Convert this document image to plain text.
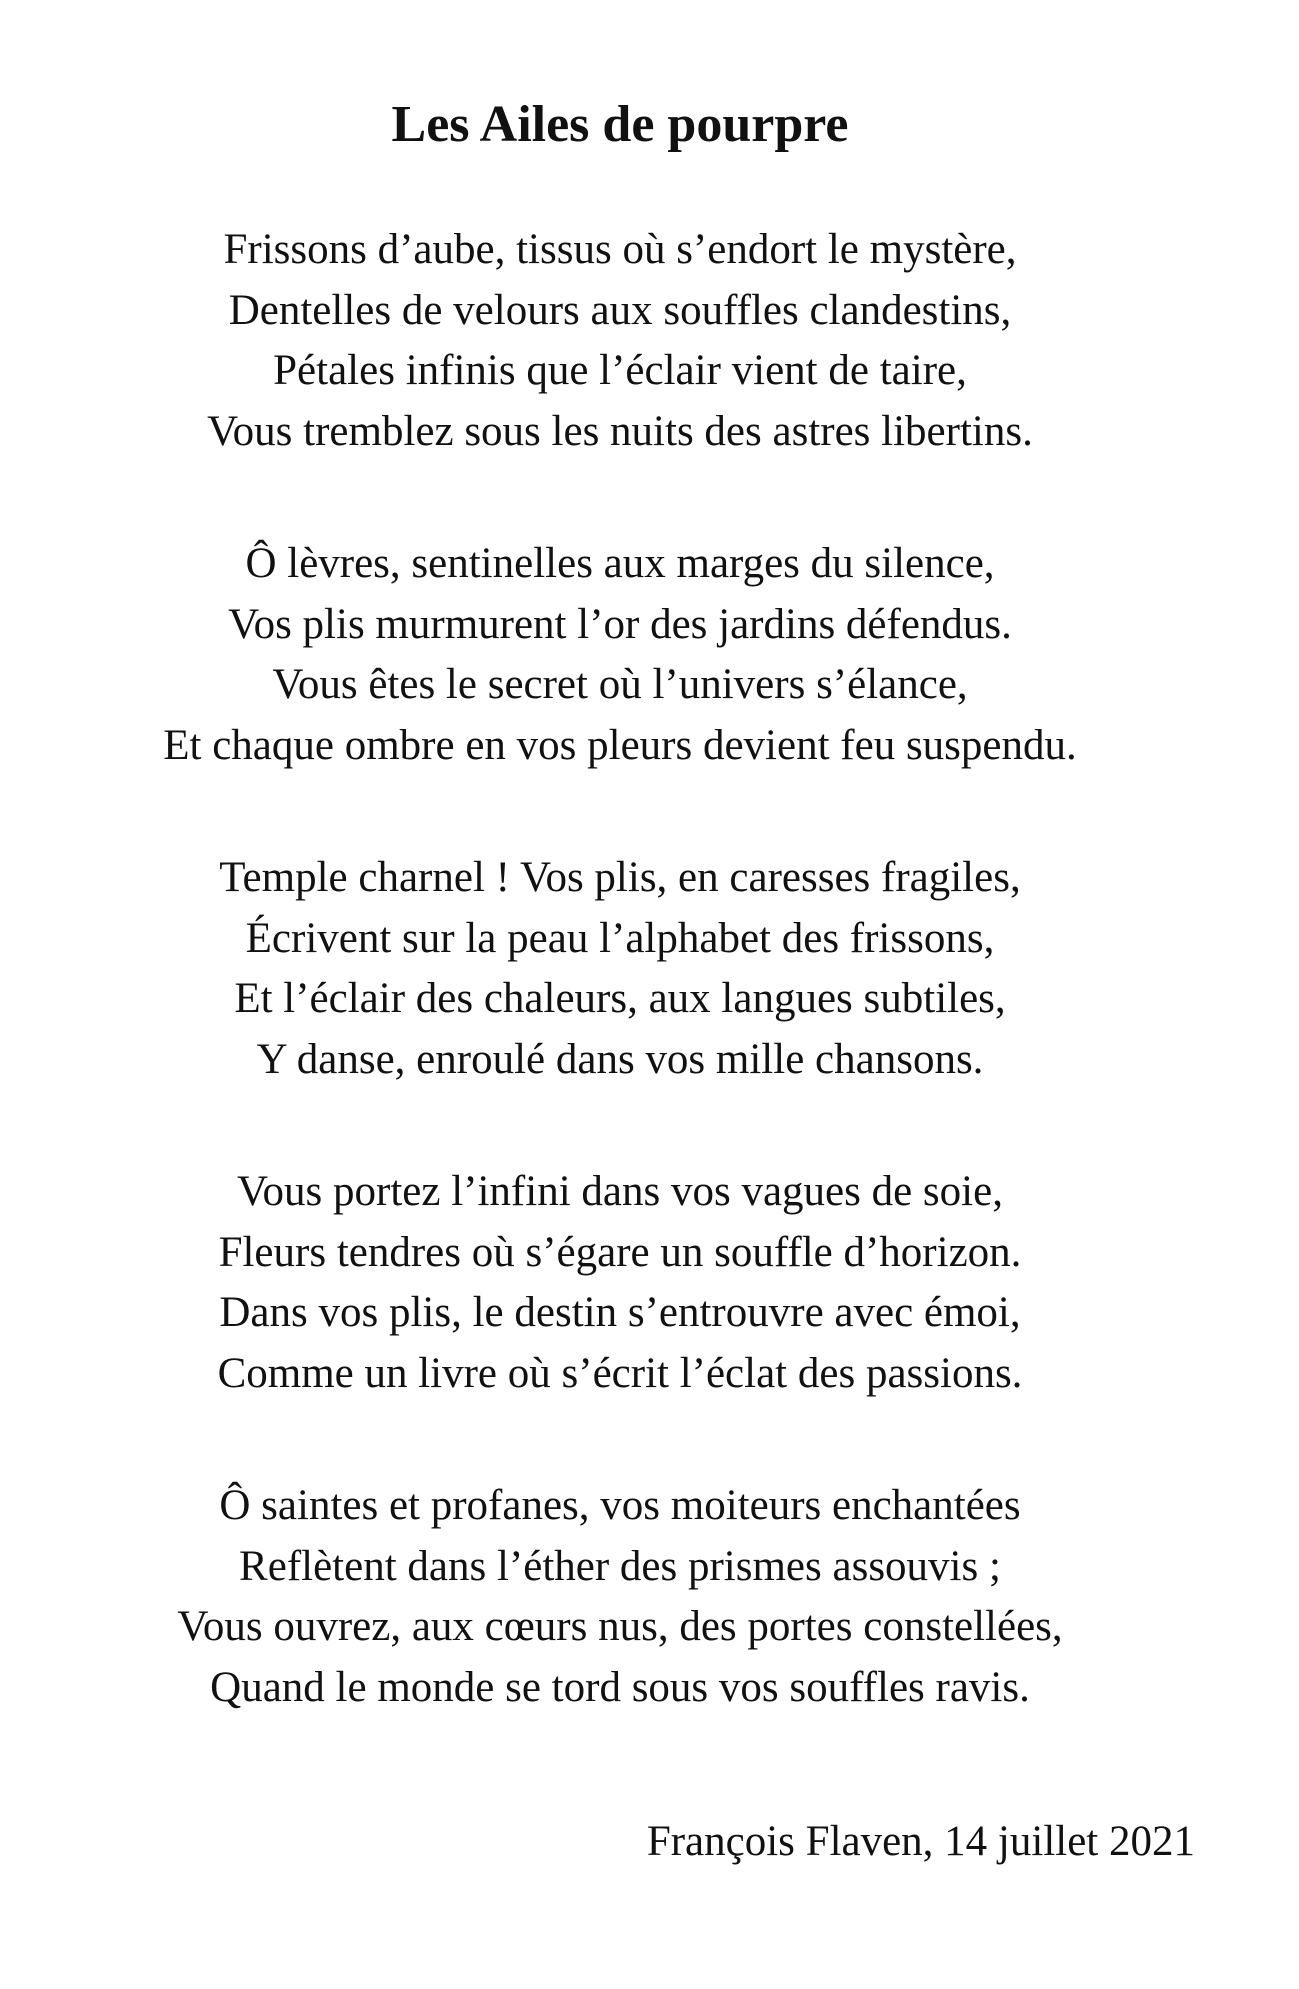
Les Ailes de pourpre
Frissons d’aube, tissus où s’endort le mystère,
Dentelles de velours aux souffles clandestins,
Pétales infinis que l’éclair vient de taire,
Vous tremblez sous les nuits des astres libertins.
Ô lèvres, sentinelles aux marges du silence,
Vos plis murmurent l’or des jardins défendus.
Vous êtes le secret où l’univers s’élance,
Et chaque ombre en vos pleurs devient feu suspendu.
Temple charnel ! Vos plis, en caresses fragiles,
Écrivent sur la peau l’alphabet des frissons,
Et l’éclair des chaleurs, aux langues subtiles,
Y danse, enroulé dans vos mille chansons.
Vous portez l’infini dans vos vagues de soie,
Fleurs tendres où s’égare un souffle d’horizon.
Dans vos plis, le destin s’entrouvre avec émoi,
Comme un livre où s’écrit l’éclat des passions.
Ô saintes et profanes, vos moiteurs enchantées
Reflètent dans l’éther des prismes assouvis ;
Vous ouvrez, aux cœurs nus, des portes constellées,
Quand le monde se tord sous vos souffles ravis.
François Flaven, 14 juillet 2021
